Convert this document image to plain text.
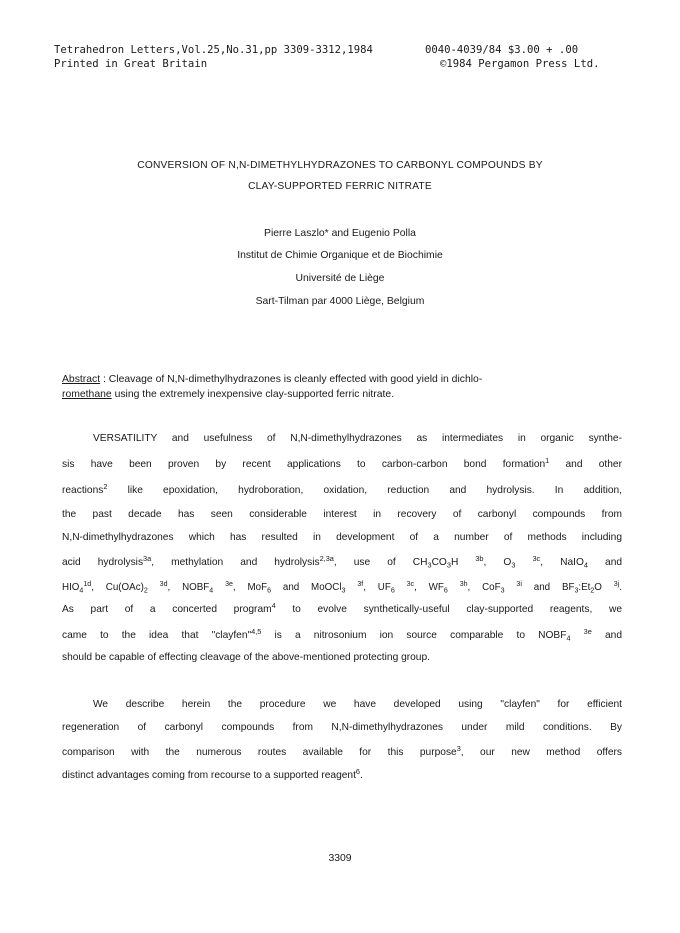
Tetrahedron Letters,Vol.25,No.31,pp 3309-3312,1984	0040-4039/84 $3.00 + .00
Printed in Great Britain	©1984 Pergamon Press Ltd.
CONVERSION OF N,N-DIMETHYLHYDRAZONES TO CARBONYL COMPOUNDS BY
CLAY-SUPPORTED FERRIC NITRATE
Pierre Laszlo* and Eugenio Polla
Institut de Chimie Organique et de Biochimie
Université de Liège
Sart-Tilman par 4000 Liège, Belgium
Abstract : Cleavage of N,N-dimethylhydrazones is cleanly effected with good yield in dichlo-
romethane using the extremely inexpensive clay-supported ferric nitrate.
VERSATILITY and usefulness of N,N-dimethylhydrazones as intermediates in organic synthe-
sis have been proven by recent applications to carbon-carbon bond formation$^1$ and other
reactions$^2$ like epoxidation, hydroboration, oxidation, reduction and hydrolysis. In addition,
the past decade has seen considerable interest in recovery of carbonyl compounds from
N,N-dimethylhydrazones which has resulted in development of a number of methods including
acid hydrolysis$^{3a}$, methylation and hydrolysis$^{2,3a}$, use of $CH_3CO_3H$ $^{3b}$, $O_3$ $^{3c}$, NaIO$_4$ and
$HIO_4^{1d}$, $Cu(OAc)_2$ $^{3d}$, $NOBF_4$ $^{3e}$, MoF$_6$ and MoOCl$_3$ $^{3f}$, $UF_6$ $^{3c}$, $WF_6$ $^{3h}$, CoF$_3$ $^{3i}$ and $BF_3:Et_2O$ $^{3j}$.
As part of a concerted program$^4$ to evolve synthetically-useful clay-supported reagents, we
came to the idea that "clayfen"$^{4,5}$ is a nitrosonium ion source comparable to $NOBF_4$ $^{3e}$ and
should be capable of effecting cleavage of the above-mentioned protecting group.
We describe herein the procedure we have developed using "clayfen" for efficient
regeneration of carbonyl compounds from N,N-dimethylhydrazones under mild conditions. By
comparison with the numerous routes available for this purpose$^3$, our new method offers
distinct advantages coming from recourse to a supported reagent$^6$.
3309
